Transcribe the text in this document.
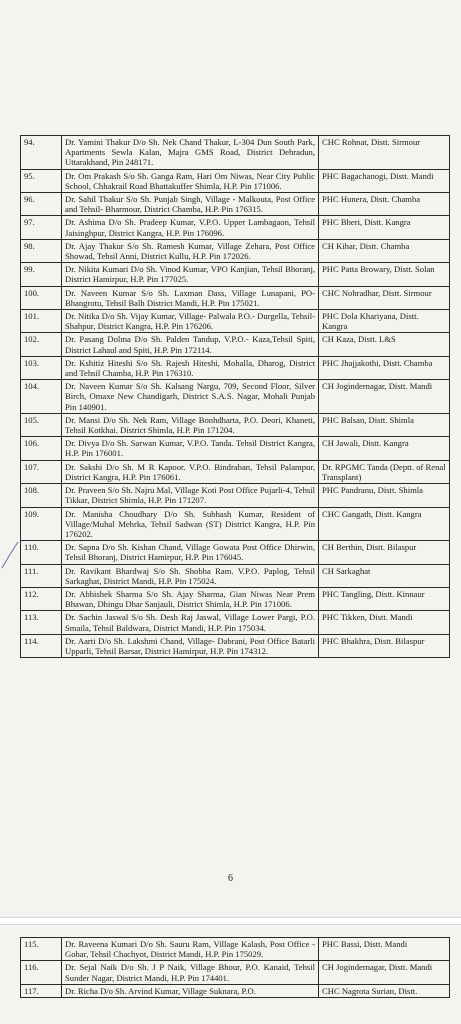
94.	Dr. Yamini Thakur D/o Sh. Nek Chand Thakur, L-304 Dun South Park, Apartments Sewla Kalan, Majra GMS Road, District Dehradun, Uttarakhand, Pin 248171.	CHC Rohnat, Distt. Sirmour
95.	Dr. Om Prakash S/o Sh. Ganga Ram, Hari Om Niwas, Near City Public School, Chhakrail Road Bhattakuffer Shimla, H.P. Pin 171006.	PHC Bagachanogi, Distt. Mandi
96.	Dr. Sahil Thakur S/o Sh. Punjab Singh, Village - Malkouta, Post Office and Tehsil- Bharmour, District Chamba, H.P. Pin 176315.	PHC Hunera, Distt. Chamba
97.	Dr. Ashima D/o Sh. Pradeep Kumar, V.P.O. Upper Lambagaon, Tehsil Jaisinghpur, District Kangra, H.P. Pin 176096.	PHC Bheri, Distt. Kangra
98.	Dr. Ajay Thakur S/o Sh. Ramesh Kumar, Village Zehara, Post Office Showad, Tehsil Anni, District Kullu, H.P. Pin 172026.	CH Kihar, Distt. Chamba
99.	Dr. Nikita Kumari D/o Sh. Vinod Kumar, VPO Kanjian, Tehsil Bhoranj, District Hamirpur, H.P. Pin 177025.	PHC Patta Browary, Distt. Solan
100.	Dr. Naveen Kumar S/o Sh. Laxman Dass, Village Lunapani, PO- Bhangrotu, Tehsil Balh District Mandi, H.P. Pin 175021.	CHC Nohradhar, Distt. Sirmour
101.	Dr. Nitika D/o Sh. Vijay Kumar, Village- Palwala P.O.- Durgella, Tehsil-Shahpur, District Kangra, H.P. Pin 176206.	PHC Dola Khariyana, Distt. Kangra
102.	Dr. Pasang Dolma D/o Sh. Palden Tandup, V.P.O.- Kaza,Tehsil Spiti, District Lahaul and Spiti, H.P. Pin 172114.	CH Kaza, Distt. L&S
103.	Dr. Kshitiz Hiteshi S/o Sh. Rajesh Hiteshi, Mohalla, Dharog, District and Tehsil Chamba, H.P. Pin 176310.	PHC Jhajjakothi, Distt. Chamba
104.	Dr. Naveen Kumar S/o Sh. Kalsang Nargu, 709, Second Floor, Silver Birch, Omaxe New Chandigarh, District S.A.S. Nagar, Mohali Punjab Pin 140901.	CH Jogindernagar, Distt. Mandi
105.	Dr. Mansi D/o Sh. Nek Ram, Village Bonhdharta, P.O. Deori, Khaneti, Tehsil Kotkhai. District Shimla, H.P. Pin 171204.	PHC Balsan, Distt. Shimla
106.	Dr. Divya D/o Sh. Sarwan Kumar, V.P.O. Tanda. Tehsil District Kangra, H.P. Pin 176001.	CH Jawali, Distt. Kangra
107.	Dr. Sakshi D/o Sh. M R Kapoor. V.P.O. Bindraban, Tehsil Palampur, District Kangra, H.P. Pin 176061.	Dr. RPGMC Tanda (Deptt. of Renal Transplant)
108.	Dr. Praveen S/o Sh. Najru Mal, Village Koti Post Office Pujarli-4, Tehsil Tikkar, District Shimla, H.P. Pin 171207.	PHC Pandranu, Distt. Shimla
109.	Dr. Manisha Choudhary D/o Sh. Subhash Kumar, Resident of Village/Muhal Mehrka, Tehsil Sadwan (ST) District Kangra, H.P. Pin 176202.	CHC Gangath, Distt. Kangra
110.	Dr. Sapna D/o Sh. Kishan Chand, Village Gowata Post Office Dhirwin, Tehsil Bhoranj, District Hamirpur, H.P. Pin 176045.	CH Berthin, Distt. Bilaspur
111.	Dr. Ravikant Bhardwaj S/o Sh. Shobha Ram. V.P.O. Paplog, Tehsil Sarkaghat, District Mandi, H.P. Pin 175024.	CH Sarkaghat
112.	Dr. Abhishek Sharma S/o Sh. Ajay Sharma, Gian Niwas Near Prem Bhawan, Dhingu Dhar Sanjauli, District Shimla, H.P. Pin 171006.	PHC Tangling, Distt. Kinnaur
113.	Dr. Sachin Jaswal S/o Sh. Desh Raj Jaswal, Village Lower Pargi, P.O. Smaila, Tehsil Baldwara, District Mandi, H.P. Pin 175034.	PHC Tikken, Distt. Mandi
114.	Dr. Aarti D/o Sh. Lakshmi Chand, Village- Dabrani, Post Office Batarli Upparli, Tehsil Barsar, District Hamirpur, H.P. Pin 174312.	PHC Bhakhra, Distt. Bilaspur
6
115.	Dr. Raveena Kumari D/o Sh. Sauru Ram, Village Kalash, Post Office - Gohar, Tehsil Chachyot, District Mandi, H.P. Pin 175029.	PHC Bassi, Distt. Mandi
116.	Dr. Sejal Naik D/o Sh. J P Naik, Village Bhour, P.O. Kanaid, Tehsil Sunder Nagar, District Mandi, H.P. Pin 174401.	CH Jogindernagar, Distt. Mandi
117.	Dr. Richa D/o Sh. Arvind Kumar, Village Suknara, P.O.	CHC Nagrota Surian, Distt.
